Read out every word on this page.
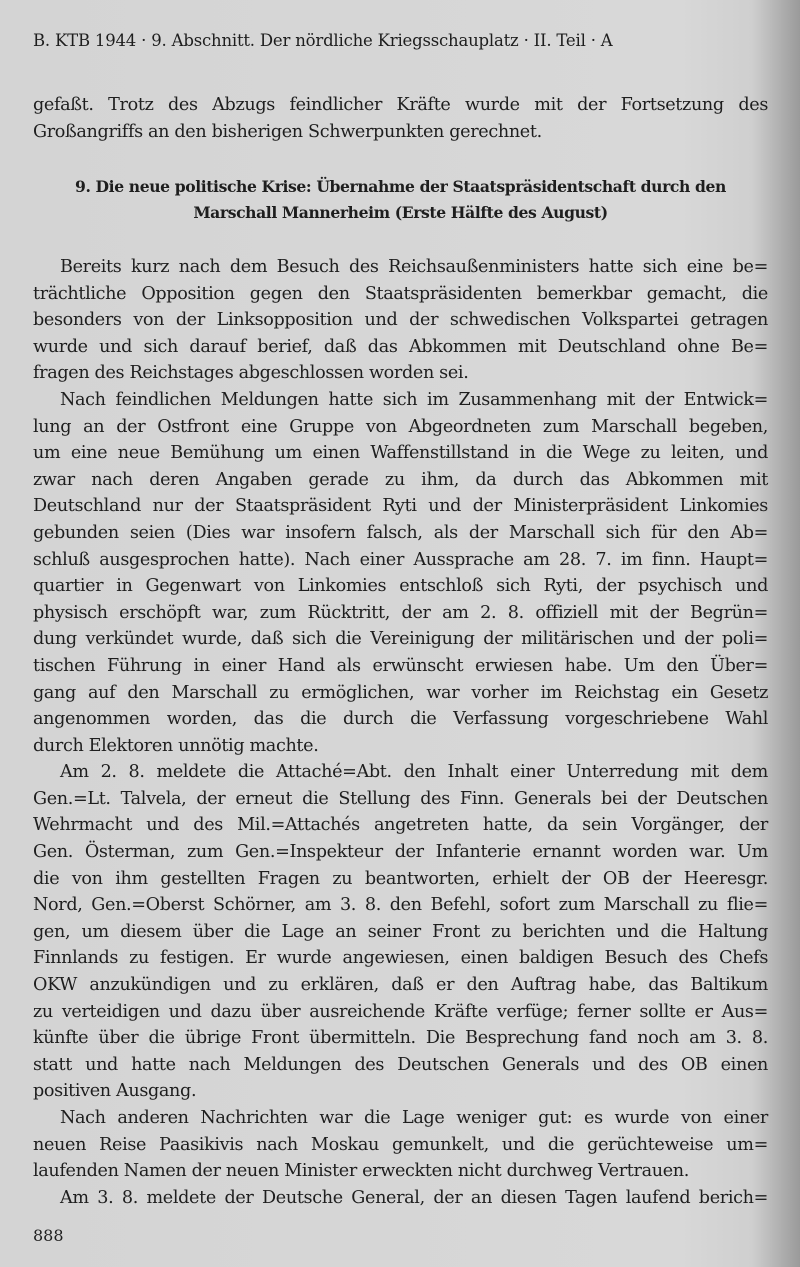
B. KTB 1944 · 9. Abschnitt. Der nördliche Kriegsschauplatz · II. Teil · A
gefaßt. Trotz des Abzugs feindlicher Kräfte wurde mit der Fortsetzung des
Großangriffs an den bisherigen Schwerpunkten gerechnet.
9. Die neue politische Krise: Übernahme der Staatspräsidentschaft durch den
Marschall Mannerheim (Erste Hälfte des August)
Bereits kurz nach dem Besuch des Reichsaußenministers hatte sich eine be=
trächtliche Opposition gegen den Staatspräsidenten bemerkbar gemacht, die
besonders von der Linksopposition und der schwedischen Volkspartei getragen
wurde und sich darauf berief, daß das Abkommen mit Deutschland ohne Be=
fragen des Reichstages abgeschlossen worden sei.
Nach feindlichen Meldungen hatte sich im Zusammenhang mit der Entwick=
lung an der Ostfront eine Gruppe von Abgeordneten zum Marschall begeben,
um eine neue Bemühung um einen Waffenstillstand in die Wege zu leiten, und
zwar nach deren Angaben gerade zu ihm, da durch das Abkommen mit
Deutschland nur der Staatspräsident Ryti und der Ministerpräsident Linkomies
gebunden seien (Dies war insofern falsch, als der Marschall sich für den Ab=
schluß ausgesprochen hatte). Nach einer Aussprache am 28. 7. im finn. Haupt=
quartier in Gegenwart von Linkomies entschloß sich Ryti, der psychisch und
physisch erschöpft war, zum Rücktritt, der am 2. 8. offiziell mit der Begrün=
dung verkündet wurde, daß sich die Vereinigung der militärischen und der poli=
tischen Führung in einer Hand als erwünscht erwiesen habe. Um den Über=
gang auf den Marschall zu ermöglichen, war vorher im Reichstag ein Gesetz
angenommen worden, das die durch die Verfassung vorgeschriebene Wahl
durch Elektoren unnötig machte.
Am 2. 8. meldete die Attaché=Abt. den Inhalt einer Unterredung mit dem
Gen.=Lt. Talvela, der erneut die Stellung des Finn. Generals bei der Deutschen
Wehrmacht und des Mil.=Attachés angetreten hatte, da sein Vorgänger, der
Gen. Österman, zum Gen.=Inspekteur der Infanterie ernannt worden war. Um
die von ihm gestellten Fragen zu beantworten, erhielt der OB der Heeresgr.
Nord, Gen.=Oberst Schörner, am 3. 8. den Befehl, sofort zum Marschall zu flie=
gen, um diesem über die Lage an seiner Front zu berichten und die Haltung
Finnlands zu festigen. Er wurde angewiesen, einen baldigen Besuch des Chefs
OKW anzukündigen und zu erklären, daß er den Auftrag habe, das Baltikum
zu verteidigen und dazu über ausreichende Kräfte verfüge; ferner sollte er Aus=
künfte über die übrige Front übermitteln. Die Besprechung fand noch am 3. 8.
statt und hatte nach Meldungen des Deutschen Generals und des OB einen
positiven Ausgang.
Nach anderen Nachrichten war die Lage weniger gut: es wurde von einer
neuen Reise Paasikivis nach Moskau gemunkelt, und die gerüchteweise um=
laufenden Namen der neuen Minister erweckten nicht durchweg Vertrauen.
Am 3. 8. meldete der Deutsche General, der an diesen Tagen laufend berich=
888
